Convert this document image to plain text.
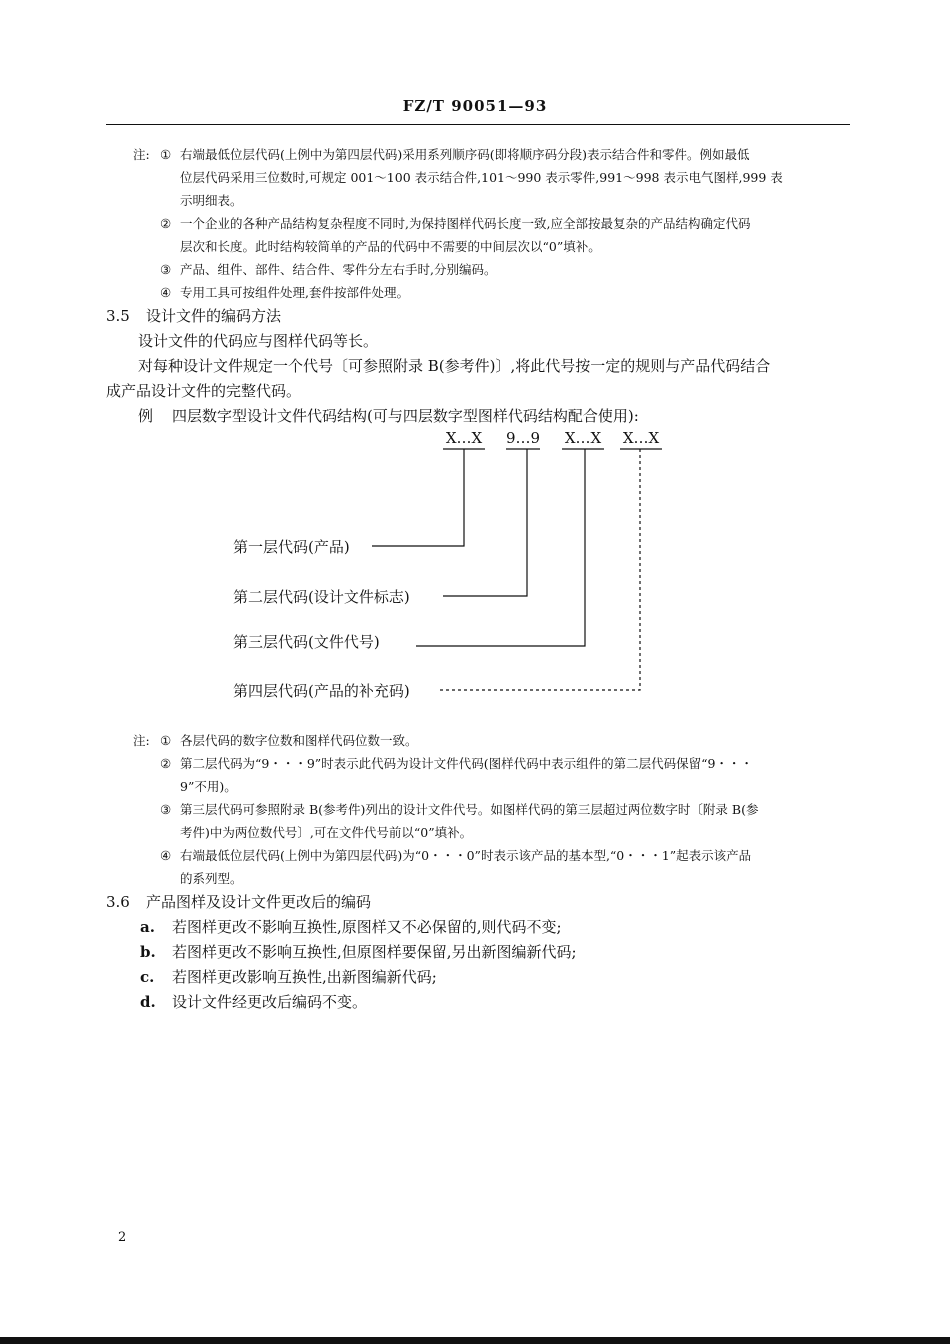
FZ/T 90051—93
注: ① 右端最低位层代码(上例中为第四层代码)采用系列顺序码(即将顺序码分段)表示结合件和零件。例如最低
位层代码采用三位数时,可规定 001～100 表示结合件,101～990 表示零件,991～998 表示电气图样,999 表
示明细表。
② 一个企业的各种产品结构复杂程度不同时,为保持图样代码长度一致,应全部按最复杂的产品结构确定代码
层次和长度。此时结构较简单的产品的代码中不需要的中间层次以“0”填补。
③ 产品、组件、部件、结合件、零件分左右手时,分别编码。
④ 专用工具可按组件处理,套件按部件处理。
3.5 设计文件的编码方法
设计文件的代码应与图样代码等长。
对每种设计文件规定一个代号〔可参照附录 B(参考件)〕,将此代号按一定的规则与产品代码结合
成产品设计文件的完整代码。
例 四层数字型设计文件代码结构(可与四层数字型图样代码结构配合使用):
X…X 9…9 X…X X…X
第一层代码(产品)
第二层代码(设计文件标志)
第三层代码(文件代号)
第四层代码(产品的补充码)
注: ① 各层代码的数字位数和图样代码位数一致。
② 第二层代码为“9・・・9”时表示此代码为设计文件代码(图样代码中表示组件的第二层代码保留“9・・・
9”不用)。
③ 第三层代码可参照附录 B(参考件)列出的设计文件代号。如图样代码的第三层超过两位数字时〔附录 B(参
考件)中为两位数代号〕,可在文件代号前以“0”填补。
④ 右端最低位层代码(上例中为第四层代码)为“0・・・0”时表示该产品的基本型,“0・・・1”起表示该产品
的系列型。
3.6 产品图样及设计文件更改后的编码
a. 若图样更改不影响互换性,原图样又不必保留的,则代码不变;
b. 若图样更改不影响互换性,但原图样要保留,另出新图编新代码;
c. 若图样更改影响互换性,出新图编新代码;
d. 设计文件经更改后编码不变。
2
